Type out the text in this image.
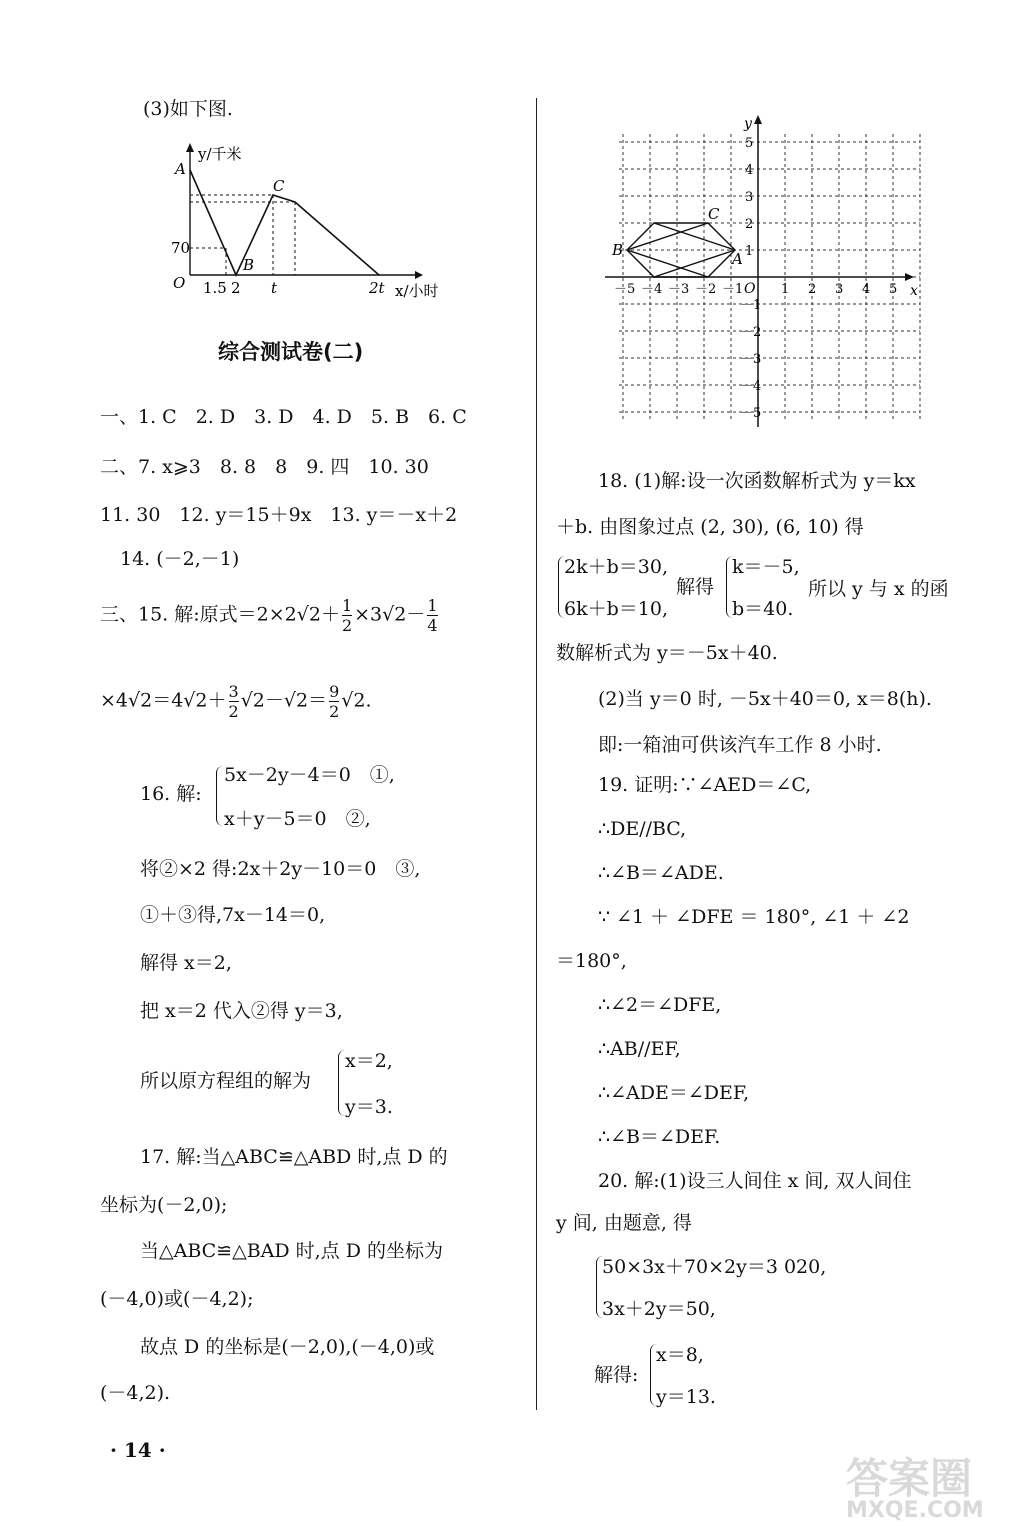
(3)如下图.
A
B
C
y/千米
70
O 1.5 2 t	2t x/小时
综合测试卷(二)
一、1. C　2. D　3. D　4. D　5. B　6. C
二、7. x⩾3　8. 8　8　9. 四　10. 30
11. 30　12. y＝15＋9x　13. y＝－x＋2
14. (－2,－1)
三、15. 解:原式$=2\times 2√2+ \frac{1}{2} \times 3√2- \frac{1}{4}$
$\times 4√2=4√2+ \frac{3}{2} √2-√2= \frac{9}{2} √2$.
16. 解:
5x－2y－4＝0　①,
x＋y－5＝0　②,
将②×2 得:2x＋2y－10＝0　③,
①＋③得,7x－14＝0,
解得 x＝2,
把 x＝2 代入②得 y＝3,
所以原方程组的解为
x＝2,
y＝3.
17. 解:当△ABC≌△ABD 时,点 D 的
坐标为(－2,0);
当△ABC≌△BAD 时,点 D 的坐标为
(－4,0)或(－4,2);
故点 D 的坐标是(－2,0),(－4,0)或
(－4,2).
· 14 ·
B	A
C
y
x
O
－5 －4 －3 －2 －1	1 2 3 4 5
5
4
3
2
1
－1
－2
－3
－4
－5
18. (1)解:设一次函数解析式为 y＝kx
＋b. 由图象过点 (2, 30), (6, 10) 得
2k＋b＝30,
6k＋b＝10,
解得
k＝－5,
b＝40.
所以 y 与 x 的函
数解析式为 y＝－5x＋40.
(2)当 y＝0 时, －5x＋40＝0, x＝8(h).
即:一箱油可供该汽车工作 8 小时.
19. 证明:∵∠AED＝∠C,
∴DE//BC,
∴∠B＝∠ADE.
∵ ∠1 ＋ ∠DFE ＝ 180°, ∠1 ＋ ∠2
＝180°,
∴∠2＝∠DFE,
∴AB//EF,
∴∠ADE＝∠DEF,
∴∠B＝∠DEF.
20. 解:(1)设三人间住 x 间, 双人间住
y 间, 由题意, 得
50×3x＋70×2y＝3 020,
3x＋2y＝50,
解得:
x＝8,
y＝13.
答案圈
MXQE.COM
